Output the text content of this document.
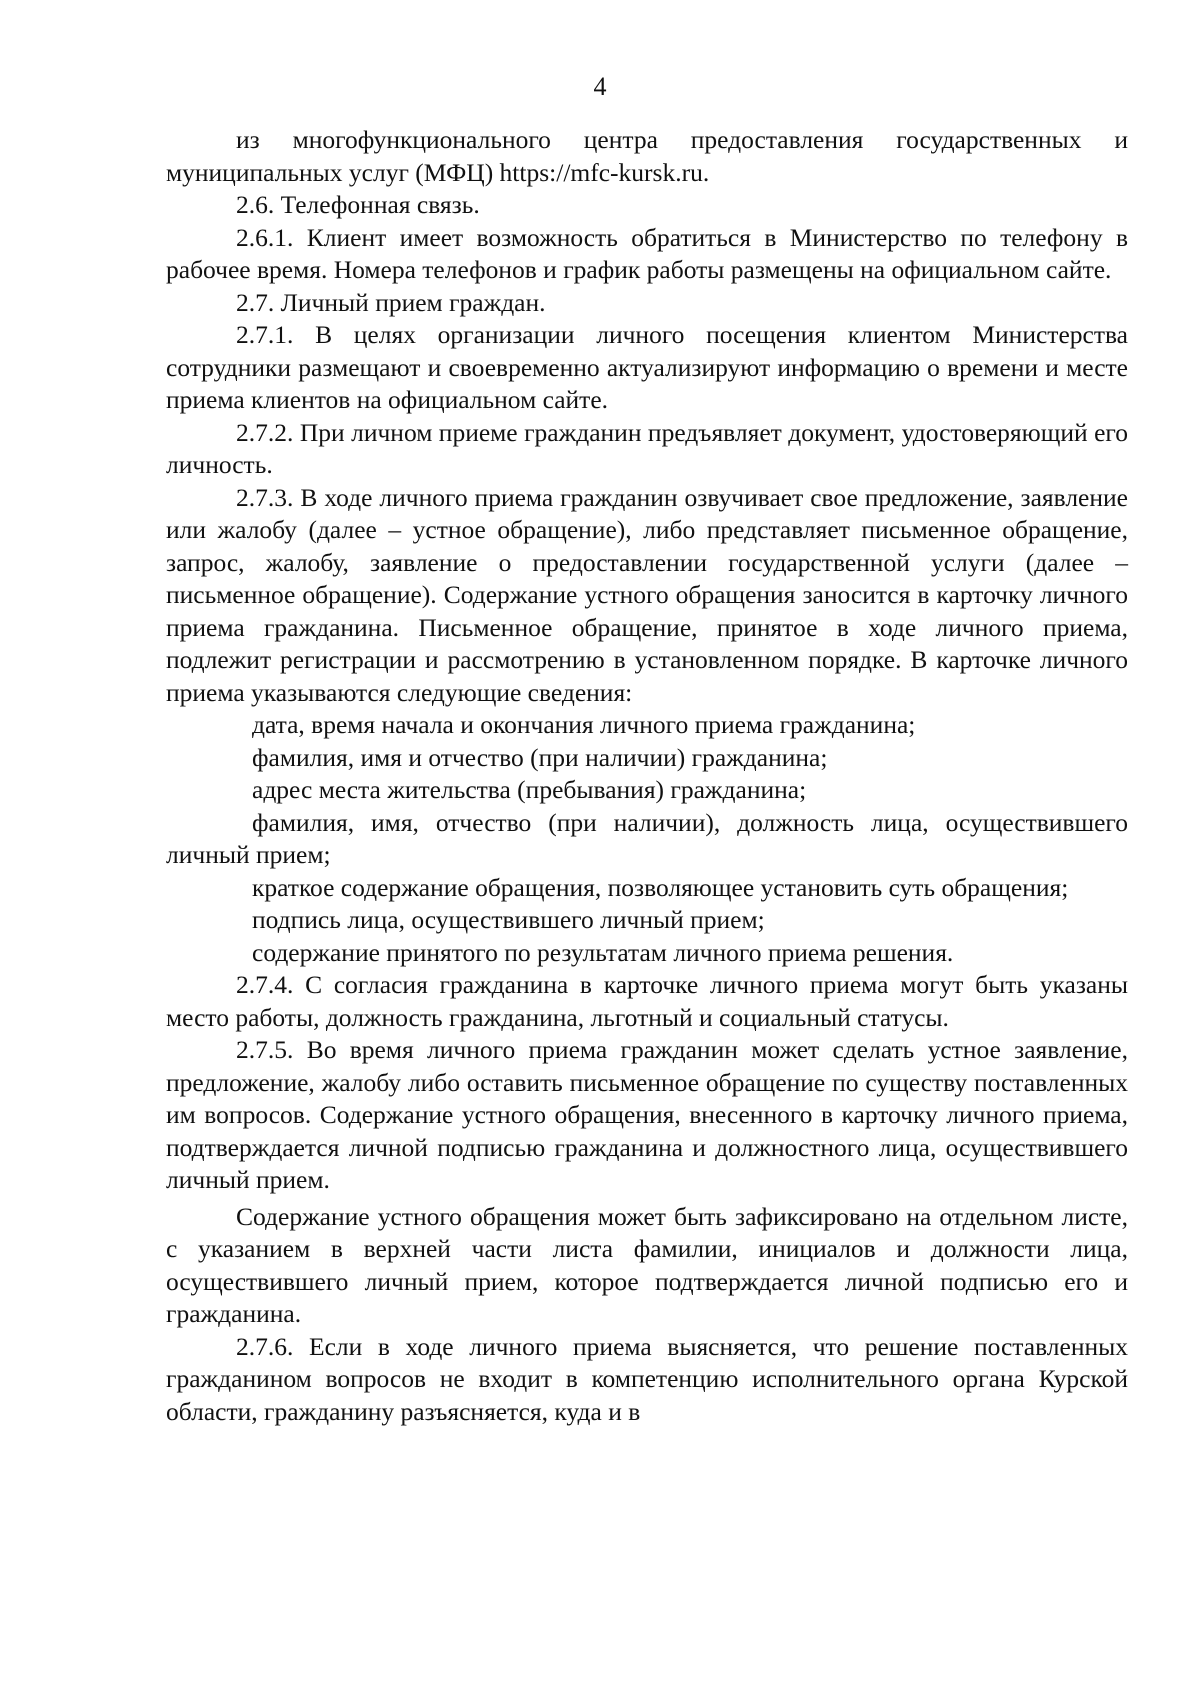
4

из многофункционального центра предоставления государственных и муниципальных услуг (МФЦ) https://mfc-kursk.ru.

2.6. Телефонная связь.

2.6.1. Клиент имеет возможность обратиться в Министерство по телефону в рабочее время. Номера телефонов и график работы размещены на официальном сайте.

2.7. Личный прием граждан.

2.7.1. В целях организации личного посещения клиентом Министерства сотрудники размещают и своевременно актуализируют информацию о времени и месте приема клиентов на официальном сайте.

2.7.2. При личном приеме гражданин предъявляет документ, удостоверяющий его личность.

2.7.3. В ходе личного приема гражданин озвучивает свое предложение, заявление или жалобу (далее – устное обращение), либо представляет письменное обращение, запрос, жалобу, заявление о предоставлении государственной услуги (далее – письменное обращение). Содержание устного обращения заносится в карточку личного приема гражданина. Письменное обращение, принятое в ходе личного приема, подлежит регистрации и рассмотрению в установленном порядке. В карточке личного приема указываются следующие сведения:

дата, время начала и окончания личного приема гражданина;

фамилия, имя и отчество (при наличии) гражданина;

адрес места жительства (пребывания) гражданина;

фамилия, имя, отчество (при наличии), должность лица, осуществившего личный прием;

краткое содержание обращения, позволяющее установить суть обращения;

подпись лица, осуществившего личный прием;

содержание принятого по результатам личного приема решения.

2.7.4. С согласия гражданина в карточке личного приема могут быть указаны место работы, должность гражданина, льготный и социальный статусы.

2.7.5. Во время личного приема гражданин может сделать устное заявление, предложение, жалобу либо оставить письменное обращение по существу поставленных им вопросов. Содержание устного обращения, внесенного в карточку личного приема, подтверждается личной подписью гражданина и должностного лица, осуществившего личный прием.

Содержание устного обращения может быть зафиксировано на отдельном листе, с указанием в верхней части листа фамилии, инициалов и должности лица, осуществившего личный прием, которое подтверждается личной подписью его и гражданина.

2.7.6. Если в ходе личного приема выясняется, что решение поставленных гражданином вопросов не входит в компетенцию исполнительного органа Курской области, гражданину разъясняется, куда и в
